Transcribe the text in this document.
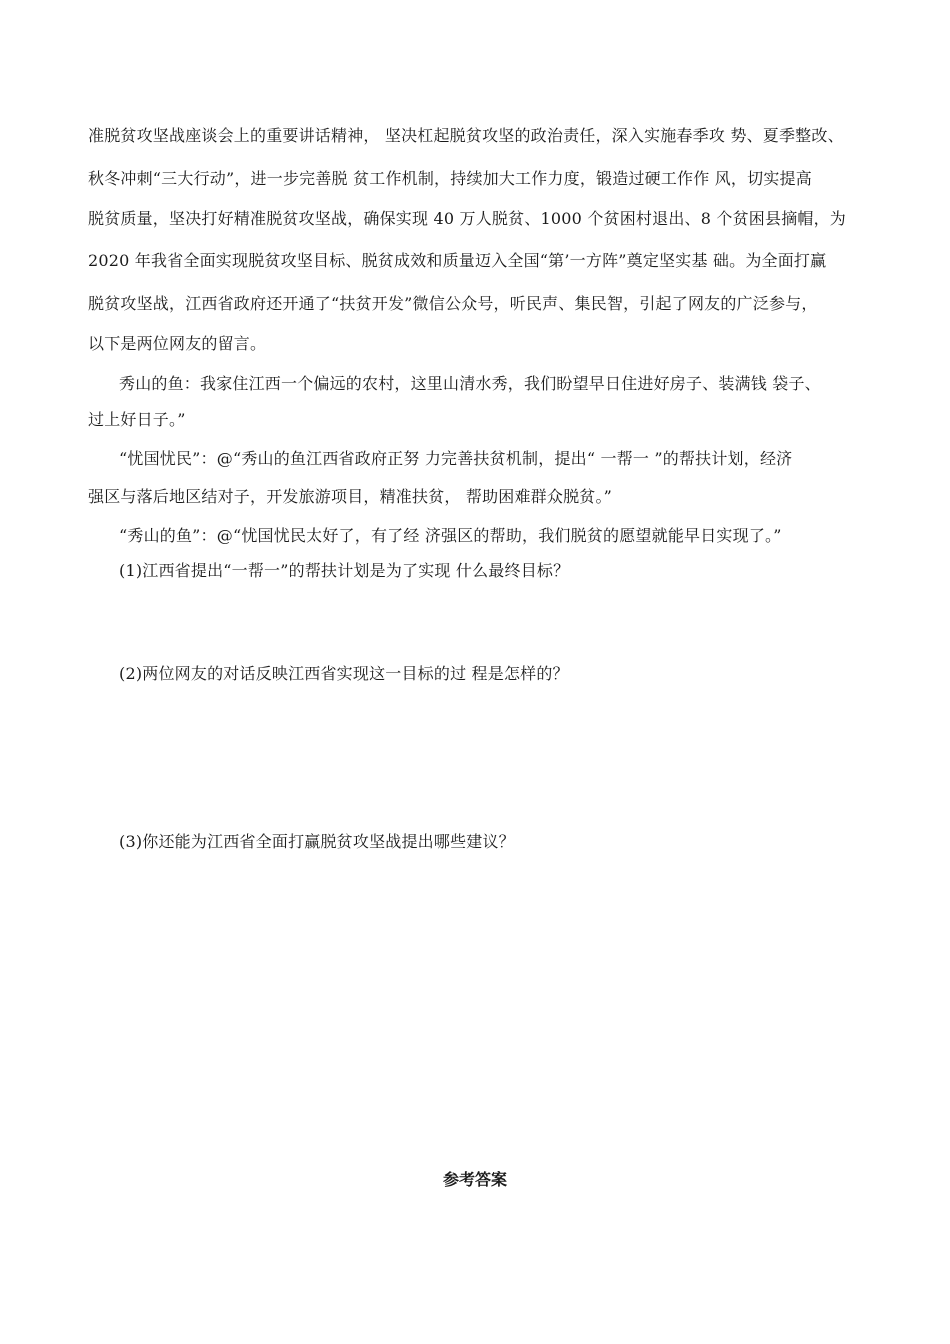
准脱贫攻坚战座谈会上的重要讲话精神， 坚决杠起脱贫攻坚的政治责任，深入实施春季攻 势、夏季整改、
秋冬冲刺“三大行动”，进一步完善脱 贫工作机制，持续加大工作力度，锻造过硬工作作 风，切实提高
脱贫质量，坚决打好精准脱贫攻坚战，确保实现 40 万人脱贫、1000 个贫困村退出、8 个贫困县摘帽，为
2020 年我省全面实现脱贫攻坚目标、脱贫成效和质量迈入全国“第’一方阵”奠定坚实基 础。为全面打赢
脱贫攻坚战，江西省政府还开通了“扶贫开发”微信公众号，听民声、集民智，引起了网友的广泛参与，
以下是两位网友的留言。
秀山的鱼：我家住江西一个偏远的农村，这里山清水秀，我们盼望早日住进好房子、装满钱 袋子、
过上好日子。”
“忧国忧民”：@“秀山的鱼江西省政府正努 力完善扶贫机制，提出“ 一帮一 ”的帮扶计划，经济
强区与落后地区结对子，开发旅游项目，精准扶贫， 帮助困难群众脱贫。”
“秀山的鱼”：@“忧国忧民太好了，有了经 济强区的帮助，我们脱贫的愿望就能早日实现了。”
(1)江西省提出“一帮一”的帮扶计划是为了实现 什么最终目标？
(2)两位网友的对话反映江西省实现这一目标的过 程是怎样的？
(3)你还能为江西省全面打赢脱贫攻坚战提出哪些建议？
参考答案
